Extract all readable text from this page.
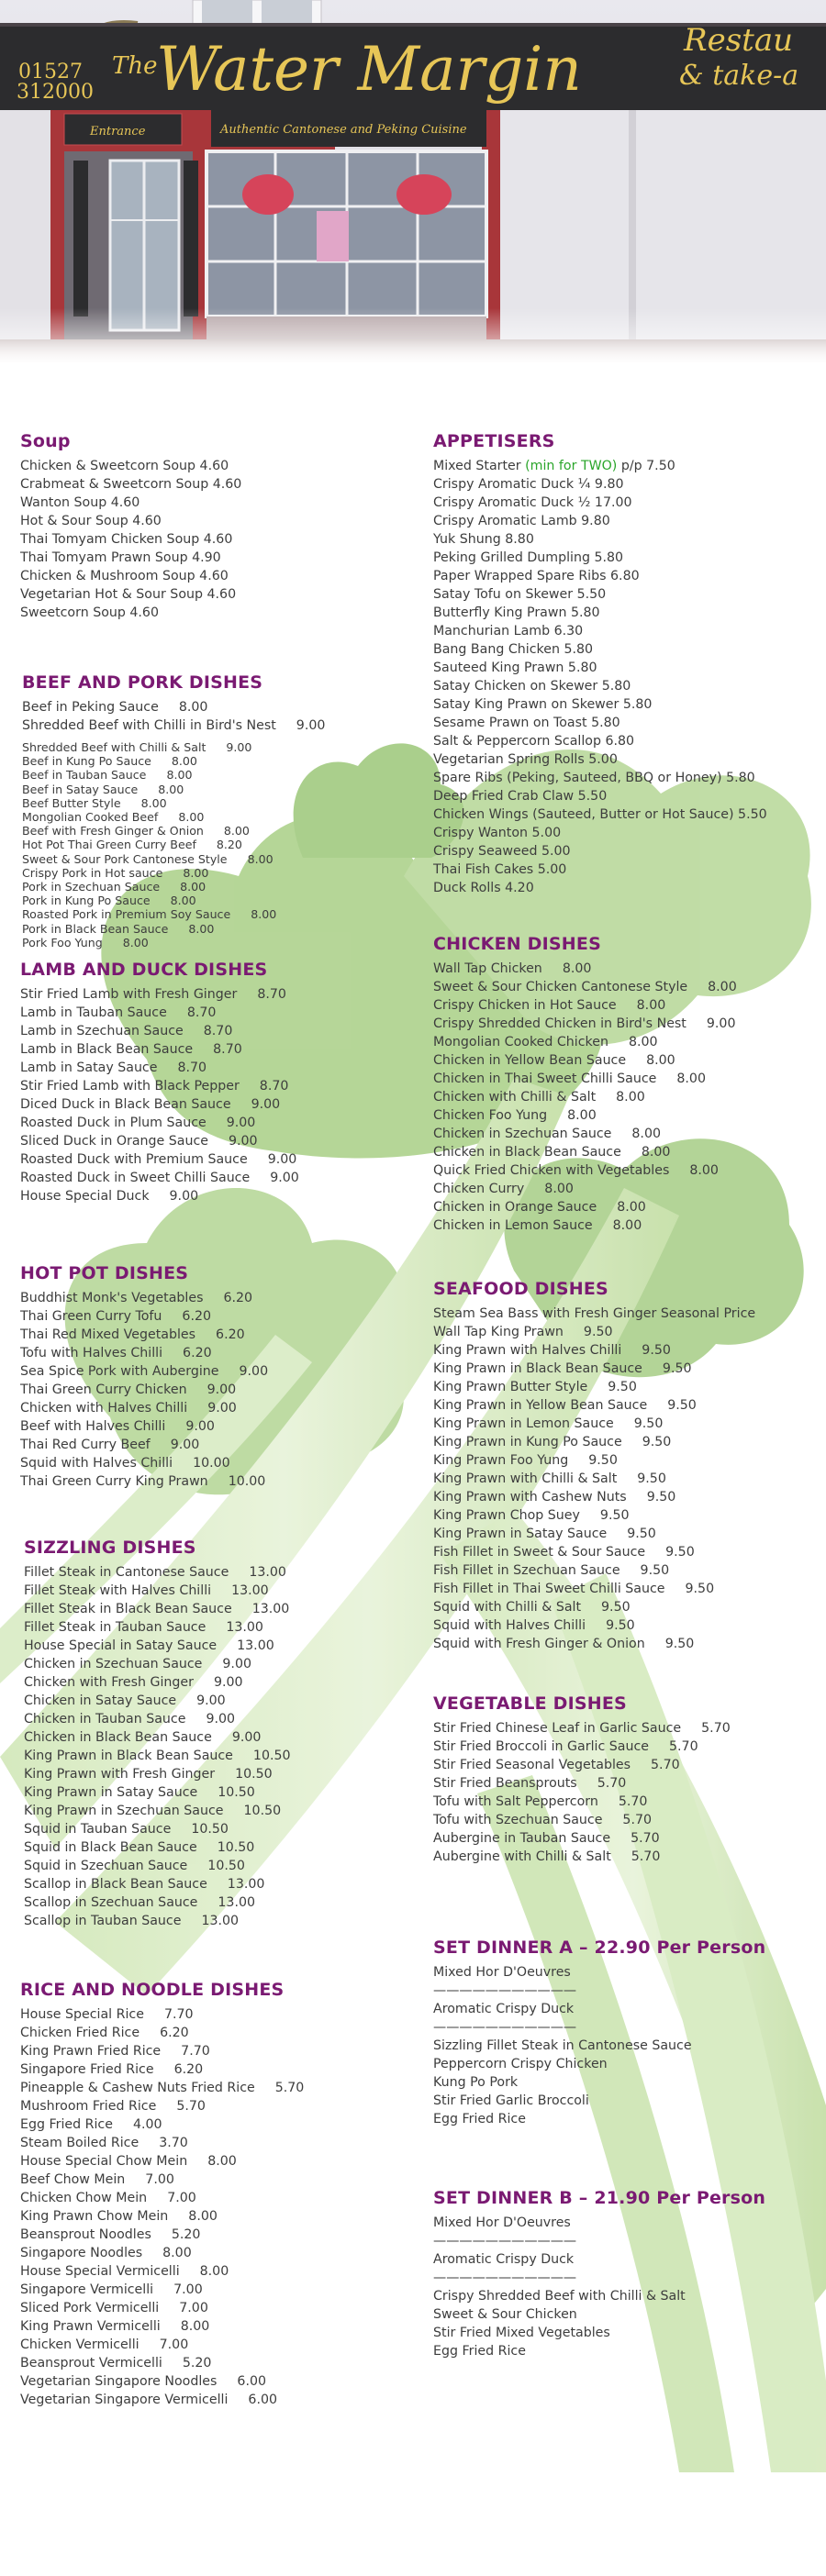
Soup
Chicken & Sweetcorn Soup 4.60
Crabmeat & Sweetcorn Soup 4.60
Wanton Soup 4.60
Hot & Sour Soup 4.60
Thai Tomyam Chicken Soup 4.60
Thai Tomyam Prawn Soup 4.90
Chicken & Mushroom Soup 4.60
Vegetarian Hot & Sour Soup 4.60
Sweetcorn Soup 4.60
APPETISERS
Mixed Starter (min for TWO) p/p 7.50
Crispy Aromatic Duck ¼ 9.80
Crispy Aromatic Duck ½ 17.00
Crispy Aromatic Lamb 9.80
Yuk Shung 8.80
Peking Grilled Dumpling 5.80
Paper Wrapped Spare Ribs 6.80
Satay Tofu on Skewer 5.50
Butterfly King Prawn 5.80
Manchurian Lamb 6.30
Bang Bang Chicken 5.80
Sauteed King Prawn 5.80
Satay Chicken on Skewer 5.80
Satay King Prawn on Skewer 5.80
Sesame Prawn on Toast 5.80
Salt & Peppercorn Scallop 6.80
Vegetarian Spring Rolls 5.00
Spare Ribs (Peking, Sauteed, BBQ or Honey) 5.80
Deep Fried Crab Claw 5.50
Chicken Wings (Sauteed, Butter or Hot Sauce) 5.50
Crispy Wanton 5.00
Crispy Seaweed 5.00
Thai Fish Cakes 5.00
Duck Rolls 4.20
BEEF AND PORK DISHES
Beef in Peking Sauce 8.00
Shredded Beef with Chilli in Bird's Nest 9.00
Shredded Beef with Chilli & Salt 9.00
Beef in Kung Po Sauce 8.00
Beef in Tauban Sauce 8.00
Beef in Satay Sauce 8.00
Beef Butter Style 8.00
Mongolian Cooked Beef 8.00
Beef with Fresh Ginger & Onion 8.00
Hot Pot Thai Green Curry Beef 8.20
Sweet & Sour Pork Cantonese Style 8.00
Crispy Pork in Hot sauce 8.00
Pork in Szechuan Sauce 8.00
Pork in Kung Po Sauce 8.00
Roasted Pork in Premium Soy Sauce 8.00
Pork in Black Bean Sauce 8.00
Pork Foo Yung 8.00
LAMB AND DUCK DISHES
Stir Fried Lamb with Fresh Ginger 8.70
Lamb in Tauban Sauce 8.70
Lamb in Szechuan Sauce 8.70
Lamb in Black Bean Sauce 8.70
Lamb in Satay Sauce 8.70
Stir Fried Lamb with Black Pepper 8.70
Diced Duck in Black Bean Sauce 9.00
Roasted Duck in Plum Sauce 9.00
Sliced Duck in Orange Sauce 9.00
Roasted Duck with Premium Sauce 9.00
Roasted Duck in Sweet Chilli Sauce 9.00
House Special Duck 9.00
CHICKEN DISHES
Wall Tap Chicken 8.00
Sweet & Sour Chicken Cantonese Style 8.00
Crispy Chicken in Hot Sauce 8.00
Crispy Shredded Chicken in Bird's Nest 9.00
Mongolian Cooked Chicken 8.00
Chicken in Yellow Bean Sauce 8.00
Chicken in Thai Sweet Chilli Sauce 8.00
Chicken with Chilli & Salt 8.00
Chicken Foo Yung 8.00
Chicken in Szechuan Sauce 8.00
Chicken in Black Bean Sauce 8.00
Quick Fried Chicken with Vegetables 8.00
Chicken Curry 8.00
Chicken in Orange Sauce 8.00
Chicken in Lemon Sauce 8.00
HOT POT DISHES
Buddhist Monk's Vegetables 6.20
Thai Green Curry Tofu 6.20
Thai Red Mixed Vegetables 6.20
Tofu with Halves Chilli 6.20
Sea Spice Pork with Aubergine 9.00
Thai Green Curry Chicken 9.00
Chicken with Halves Chilli 9.00
Beef with Halves Chilli 9.00
Thai Red Curry Beef 9.00
Squid with Halves Chilli 10.00
Thai Green Curry King Prawn 10.00
SEAFOOD DISHES
Steam Sea Bass with Fresh Ginger Seasonal Price
Wall Tap King Prawn 9.50
King Prawn with Halves Chilli 9.50
King Prawn in Black Bean Sauce 9.50
King Prawn Butter Style 9.50
King Prawn in Yellow Bean Sauce 9.50
King Prawn in Lemon Sauce 9.50
King Prawn in Kung Po Sauce 9.50
King Prawn Foo Yung 9.50
King Prawn with Chilli & Salt 9.50
King Prawn with Cashew Nuts 9.50
King Prawn Chop Suey 9.50
King Prawn in Satay Sauce 9.50
Fish Fillet in Sweet & Sour Sauce 9.50
Fish Fillet in Szechuan Sauce 9.50
Fish Fillet in Thai Sweet Chilli Sauce 9.50
Squid with Chilli & Salt 9.50
Squid with Halves Chilli 9.50
Squid with Fresh Ginger & Onion 9.50
SIZZLING DISHES
Fillet Steak in Cantonese Sauce 13.00
Fillet Steak with Halves Chilli 13.00
Fillet Steak in Black Bean Sauce 13.00
Fillet Steak in Tauban Sauce 13.00
House Special in Satay Sauce 13.00
Chicken in Szechuan Sauce 9.00
Chicken with Fresh Ginger 9.00
Chicken in Satay Sauce 9.00
Chicken in Tauban Sauce 9.00
Chicken in Black Bean Sauce 9.00
King Prawn in Black Bean Sauce 10.50
King Prawn with Fresh Ginger 10.50
King Prawn in Satay Sauce 10.50
King Prawn in Szechuan Sauce 10.50
Squid in Tauban Sauce 10.50
Squid in Black Bean Sauce 10.50
Squid in Szechuan Sauce 10.50
Scallop in Black Bean Sauce 13.00
Scallop in Szechuan Sauce 13.00
Scallop in Tauban Sauce 13.00
VEGETABLE DISHES
Stir Fried Chinese Leaf in Garlic Sauce 5.70
Stir Fried Broccoli in Garlic Sauce 5.70
Stir Fried Seasonal Vegetables 5.70
Stir Fried Beansprouts 5.70
Tofu with Salt Peppercorn 5.70
Tofu with Szechuan Sauce 5.70
Aubergine in Tauban Sauce 5.70
Aubergine with Chilli & Salt 5.70
SET DINNER A – 22.90 Per Person
Mixed Hor D'Oeuvres
———————————
Aromatic Crispy Duck
———————————
Sizzling Fillet Steak in Cantonese Sauce
Peppercorn Crispy Chicken
Kung Po Pork
Stir Fried Garlic Broccoli
Egg Fried Rice
RICE AND NOODLE DISHES
House Special Rice 7.70
Chicken Fried Rice 6.20
King Prawn Fried Rice 7.70
Singapore Fried Rice 6.20
Pineapple & Cashew Nuts Fried Rice 5.70
Mushroom Fried Rice 5.70
Egg Fried Rice 4.00
Steam Boiled Rice 3.70
House Special Chow Mein 8.00
Beef Chow Mein 7.00
Chicken Chow Mein 7.00
King Prawn Chow Mein 8.00
Beansprout Noodles 5.20
Singapore Noodles 8.00
House Special Vermicelli 8.00
Singapore Vermicelli 7.00
Sliced Pork Vermicelli 7.00
King Prawn Vermicelli 8.00
Chicken Vermicelli 7.00
Beansprout Vermicelli 5.20
Vegetarian Singapore Noodles 6.00
Vegetarian Singapore Vermicelli 6.00
SET DINNER B – 21.90 Per Person
Mixed Hor D'Oeuvres
———————————
Aromatic Crispy Duck
———————————
Crispy Shredded Beef with Chilli & Salt
Sweet & Sour Chicken
Stir Fried Mixed Vegetables
Egg Fried Rice
